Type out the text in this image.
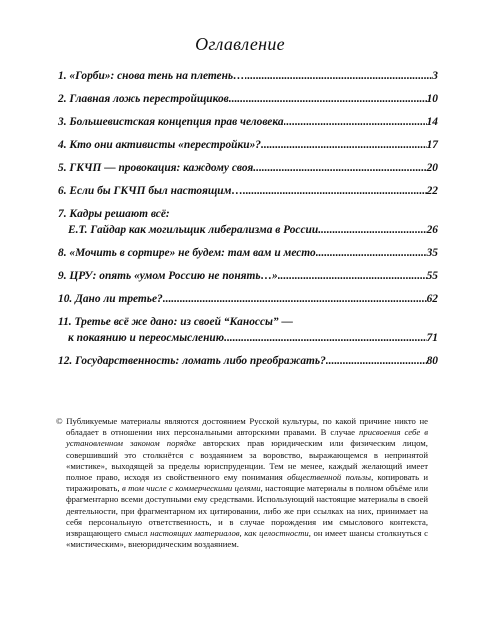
Оглавление
1. «Горби»: снова тень на плетень… .....	3
2. Главная ложь перестройщиков .....	10
3. Большевистская концепция прав человека .....	14
4. Кто они активисты «перестройки»? .....	17
5. ГКЧП — провокация: каждому своя .....	20
6. Если бы ГКЧП был настоящим… .....	22
7. Кадры решают всё:
Е.Т. Гайдар как могильщик либерализма в России .....	26
8. «Мочить в сортире» не будем: там вам и место .....	35
9. ЦРУ: опять «умом Россию не понять…» .....	55
10. Дано ли третье? .....	62
11. Третье всё же дано: из своей “Каноссы” —
к покаянию и переосмыслению .....	71
12. Государственность: ломать либо преображать? .....	80
© Публикуемые материалы являются достоянием Русской культуры, по какой причине никто не обладает в отношении них персональными авторскими правами. В случае присвоения себе в установленном законом порядке авторских прав юридическим или физическим лицом, совершивший это столкнётся с воздаянием за воровство, выражающемся в непринятой «мистике», выходящей за пределы юриспруденции. Тем не менее, каждый желающий имеет полное право, исходя из свойственного ему понимания общественной пользы, копировать и тиражировать, в том числе с коммерческими целями, настоящие материалы в полном объёме или фрагментарно всеми доступными ему средствами. Использующий настоящие материалы в своей деятельности, при фрагментарном их цитировании, либо же при ссылках на них, принимает на себя персональную ответственность, и в случае порождения им смыслового контекста, извращающего смысл настоящих материалов, как целостности, он имеет шансы столкнуться с «мистическим», внеюридическим воздаянием.
